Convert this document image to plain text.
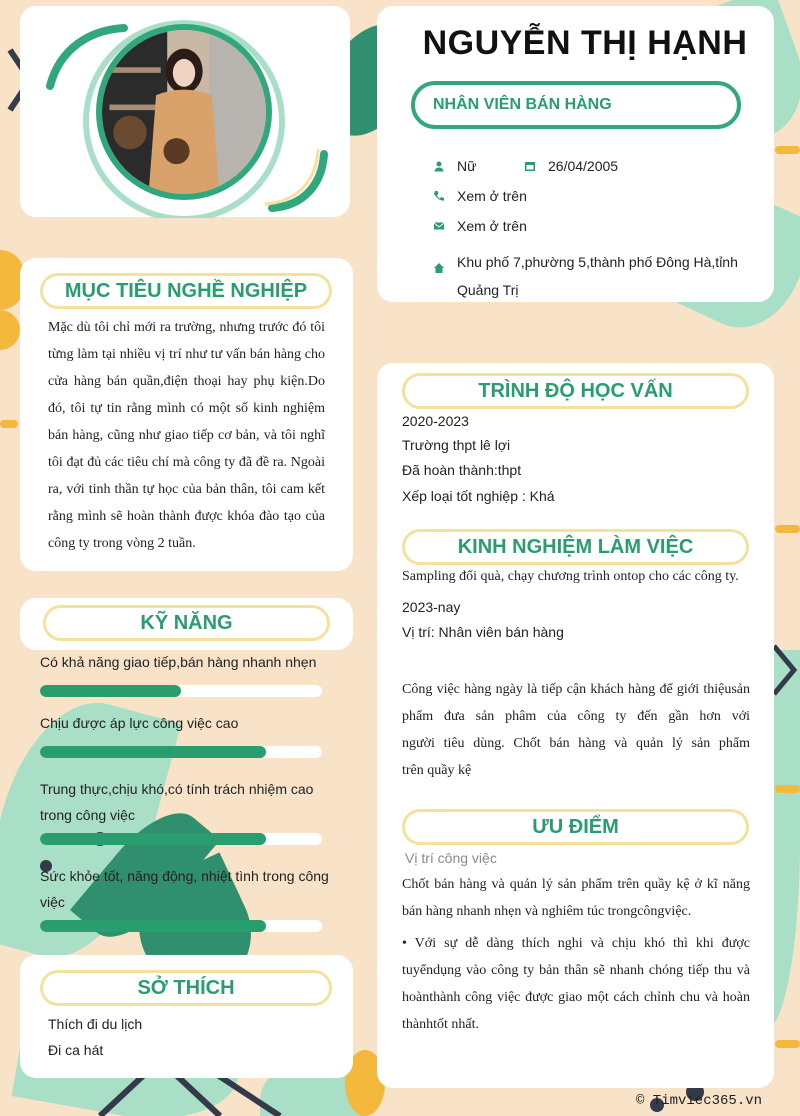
NGUYỄN THỊ HẠNH
NHÂN VIÊN BÁN HÀNG
Nữ	26/04/2005
Xem ở trên
Xem ở trên
Khu phố 7,phường 5,thành phố Đông Hà,tỉnh
Quảng Trị
MỤC TIÊU NGHỀ NGHIỆP
Mặc dù tôi chỉ mới ra trường, nhưng trước đó tôi
từng làm tại nhiều vị trí như tư vấn bán hàng cho
cửa hàng bán quần,điện thoại hay phụ kiện.Do
đó, tôi tự tin rằng mình có một số kinh nghiệm
bán hàng, cũng như giao tiếp cơ bản, và tôi nghĩ
tôi đạt đủ các tiêu chí mà công ty đã đề ra. Ngoài
ra, với tinh thần tự học của bản thân, tôi cam kết
rằng mình sẽ hoàn thành được khóa đào tạo của
công ty trong vòng 2 tuần.
KỸ NĂNG
Có khả năng giao tiếp,bán hàng nhanh nhẹn
Chịu được áp lực công việc cao
Trung thực,chịu khó,có tính trách nhiệm cao
trong công việc
Sức khỏe tốt, năng động, nhiệt tình trong công
việc
SỞ THÍCH
Thích đi du lịch
Đi ca hát
TRÌNH ĐỘ HỌC VẤN
2020-2023
Trường thpt lê lợi
Đã hoàn thành:thpt
Xếp loại tốt nghiệp : Khá
KINH NGHIỆM LÀM VIỆC
Sampling đổi quà, chạy chương trình ontop cho các công ty.
2023-nay
Vị trí: Nhân viên bán hàng
Công việc hàng ngày là tiếp cận khách hàng để giới thiệusản
phẩm đưa sản phâm của công ty đến gần hơn với
người tiêu dùng. Chốt bán hàng và quản lý sản phẩm
trên quầy kệ
ƯU ĐIỂM
Vị trí công việc
Chốt bán hàng và quản lý sản phẩm trên quầy kệ ở kĩ năng
bán hàng nhanh nhẹn và nghiêm túc trongcôngviệc.
• Với sự dễ dàng thích nghi và chịu khó thì khi được
tuyểndụng vào công ty bản thân sẽ nhanh chóng tiếp thu và
hoànthành công việc được giao một cách chỉnh chu và hoàn
thànhtốt nhất.
© Timviec365.vn
